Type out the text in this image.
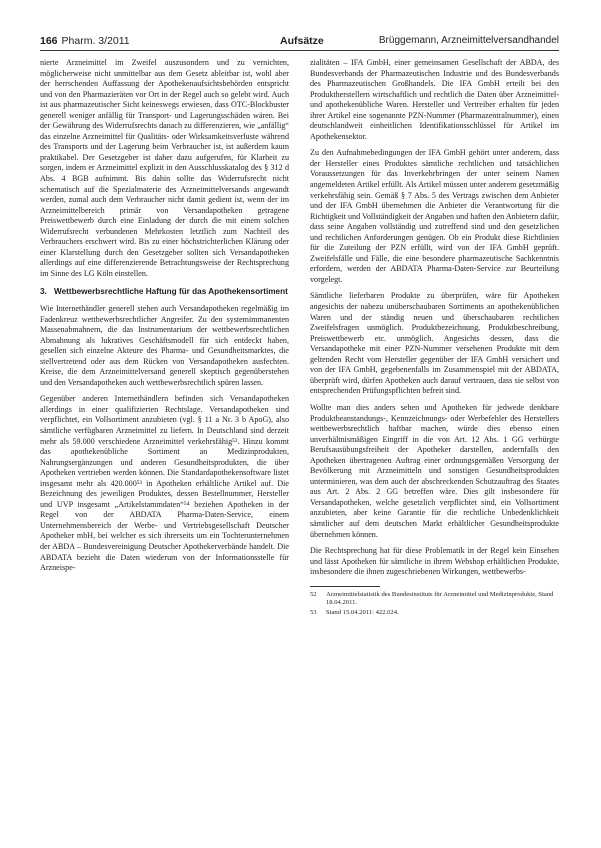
166 Pharm. 3/2011	Aufsätze	Brüggemann, Arzneimittelversandhandel

nierte Arzneimittel im Zweifel auszusondern und zu vernichten, möglicherweise nicht unmittelbar aus dem Gesetz ableitbar ist, wohl aber der herrschenden Auffassung der Apothekenaufsichtsbehörden entspricht und von den Pharmazieräten vor Ort in der Regel auch so gelebt wird. Auch ist aus pharmazeutischer Sicht keineswegs erwiesen, dass OTC-Blockbuster generell weniger anfällig für Transport- und Lagerungsschäden wären. Bei der Gewährung des Widerrufsrechts danach zu differenzieren, wie „anfällig“ das einzelne Arzneimittel für Qualitäts- oder Wirksamkeitsverluste während des Transports und der Lagerung beim Verbraucher ist, ist außerdem kaum praktikabel. Der Gesetzgeber ist daher dazu aufgerufen, für Klarheit zu sorgen, indem er Arzneimittel explizit in den Ausschlusskatalog des § 312 d Abs. 4 BGB aufnimmt. Bis dahin sollte das Widerrufsrecht nicht schematisch auf die Spezialmaterie des Arzneimittelversands angewandt werden, zumal auch dem Verbraucher nicht damit gedient ist, wenn der im Arzneimittelbereich primär von Versandapotheken getragene Preiswettbewerb durch eine Einladung der durch die mit einem solchen Widerrufsrecht verbundenen Mehrkosten letztlich zum Nachteil des Verbrauchers erschwert wird. Bis zu einer höchstrichterlichen Klärung oder einer Klarstellung durch den Gesetzgeber sollten sich Versandapotheken allerdings auf eine differenzierende Betrachtungsweise der Rechtsprechung im Sinne des LG Köln einstellen.

3. Wettbewerbsrechtliche Haftung für das Apothekensortiment

Wie Internethändler generell stehen auch Versandapotheken regelmäßig im Fadenkreuz wettbewerbsrechtlicher Angreifer. Zu den systemimmanenten Massenabmahnern, die das Instrumentarium der wettbewerbsrechtlichen Abmahnung als lukratives Geschäftsmodell für sich entdeckt haben, gesellen sich einzelne Akteure des Pharma- und Gesundheitsmarktes, die stellvertretend oder aus dem Rücken von Versandapotheken ausfechten. Kreise, die dem Arzneimittelversand generell skeptisch gegenüberstehen und den Versandapotheken auch wettbewerbsrechtlich spüren lassen.

Gegenüber anderen Internethändlern befinden sich Versandapotheken allerdings in einer qualifizierten Rechtslage. Versandapotheken sind verpflichtet, ein Vollsortiment anzubieten (vgl. § 11 a Nr. 3 b ApoG), also sämtliche verfügbaren Arzneimittel zu liefern. In Deutschland sind derzeit mehr als 59.000 verschiedene Arzneimittel verkehrsfähig⁵². Hinzu kommt das apothekenübliche Sortiment an Medizinprodukten, Nahrungsergänzungen und anderen Gesundheitsprodukten, die über Apotheken vertrieben werden können. Die Standardapothekensoftware listet insgesamt mehr als 420.000⁵³ in Apotheken erhältliche Artikel auf. Die Bezeichnung des jeweiligen Produktes, dessen Bestellnummer, Hersteller und UVP insgesamt „Artikelstammdaten“⁵⁴ beziehen Apotheken in der Regel von der ABDATA Pharma-Daten-Service, einem Unternehmensbereich der Werbe- und Vertriebsgesellschaft Deutscher Apotheker mbH, bei welcher es sich ihrerseits um ein Tochterunternehmen der ABDA – Bundesvereinigung Deutscher Apothekerverbände handelt. Die ABDATA bezieht die Daten wiederum von der Informationsstelle für Arzneispe-

zialitäten – IFA GmbH, einer gemeinsamen Gesellschaft der ABDA, des Bundesverbands der Pharmazeutischen Industrie und des Bundesverbands des Pharmazeutischen Großhandels. Die IFA GmbH erteilt bei den Produktherstellern wirtschaftlich und rechtlich die Daten über Arzneimittel- und apothekenübliche Waren. Hersteller und Vertreiber erhalten für jeden ihrer Artikel eine sogenannte PZN-Nummer (Pharmazentralnummer), einen deutschlandweit einheitlichen Identifikationsschlüssel für Artikel im Apothekensektor.

Zu den Aufnahmebedingungen der IFA GmbH gehört unter anderem, dass der Hersteller eines Produktes sämtliche rechtlichen und tatsächlichen Voraussetzungen für das Inverkehrbringen der unter seinem Namen angemeldeten Artikel erfüllt. Als Artikel müssen unter anderem gesetzmäßig verkehrsfähig sein. Gemäß § 7 Abs. 5 des Vertrags zwischen dem Anbieter und der IFA GmbH übernehmen die Anbieter die Verantwortung für die Richtigkeit und Vollständigkeit der Angaben und haften den Anbietern dafür, dass seine Angaben vollständig und zutreffend sind und den gesetzlichen und rechtlichen Anforderungen genügen. Ob ein Produkt diese Richtlinien für die Zuteilung der PZN erfüllt, wird von der IFA GmbH geprüft. Zweifelsfälle und Fälle, die eine besondere pharmazeutische Sachkenntnis erfordern, werden der ABDATA Pharma-Daten-Service zur Beurteilung vorgelegt.

Sämtliche lieferbaren Produkte zu überprüfen, wäre für Apotheken angesichts der nahezu unüberschaubaren Sortiments an apothekenüblichen Waren und der ständig neuen und überschaubaren rechtlichen Zweifelsfragen unmöglich. Produktbezeichnung, Produktbeschreibung, Preiswettbewerb etc. unmöglich. Angesichts dessen, dass die Versandapotheke mit einer PZN-Nummer versehenen Produkte mit dem geltenden Recht vom Hersteller gegenüber der IFA GmbH versichert und von der IFA GmbH, gegebenenfalls im Zusammenspiel mit der ABDATA, überprüft wird, dürfen Apotheken auch darauf vertrauen, dass sie selbst von entsprechenden Prüfungspflichten befreit sind.

Wollte man dies anders sehen und Apotheken für jedwede denkbare Produktbeanstandungs-, Kennzeichnungs- oder Werbefehler des Herstellers wettbewerbsrechtlich haftbar machen, würde dies ebenso einen unverhältnismäßigen Eingriff in die von Art. 12 Abs. 1 GG verbürgte Berufsausübungsfreiheit der Apotheker darstellen, andernfalls den Apotheken übertragenen Auftrag einer ordnungsgemäßen Versorgung der Bevölkerung mit Arzneimitteln und sonstigen Gesundheitsprodukten unterminieren, was dem auch der abschreckenden Schutzauftrag des Staates aus Art. 2 Abs. 2 GG betreffen wäre. Dies gilt insbesondere für Versandapotheken, welche gesetzlich verpflichtet sind, ein Vollsortiment anzubieten, aber keine Garantie für die rechtliche Unbedenklichkeit sämtlicher auf dem deutschen Markt erhältlicher Gesundheitsprodukte übernehmen können.

Die Rechtsprechung hat für diese Problematik in der Regel kein Einsehen und lässt Apotheken für sämtliche in ihrem Webshop erhältlichen Produkte, insbesondere die ihnen zugeschriebenen Wirkungen, wettbewerbs-

52	Arzneimittelstatistik des Bundesinstituts für Arzneimittel und Medizinprodukte, Stand 18.04.2011.
53	Stand 15.04.2011: 422.024.
